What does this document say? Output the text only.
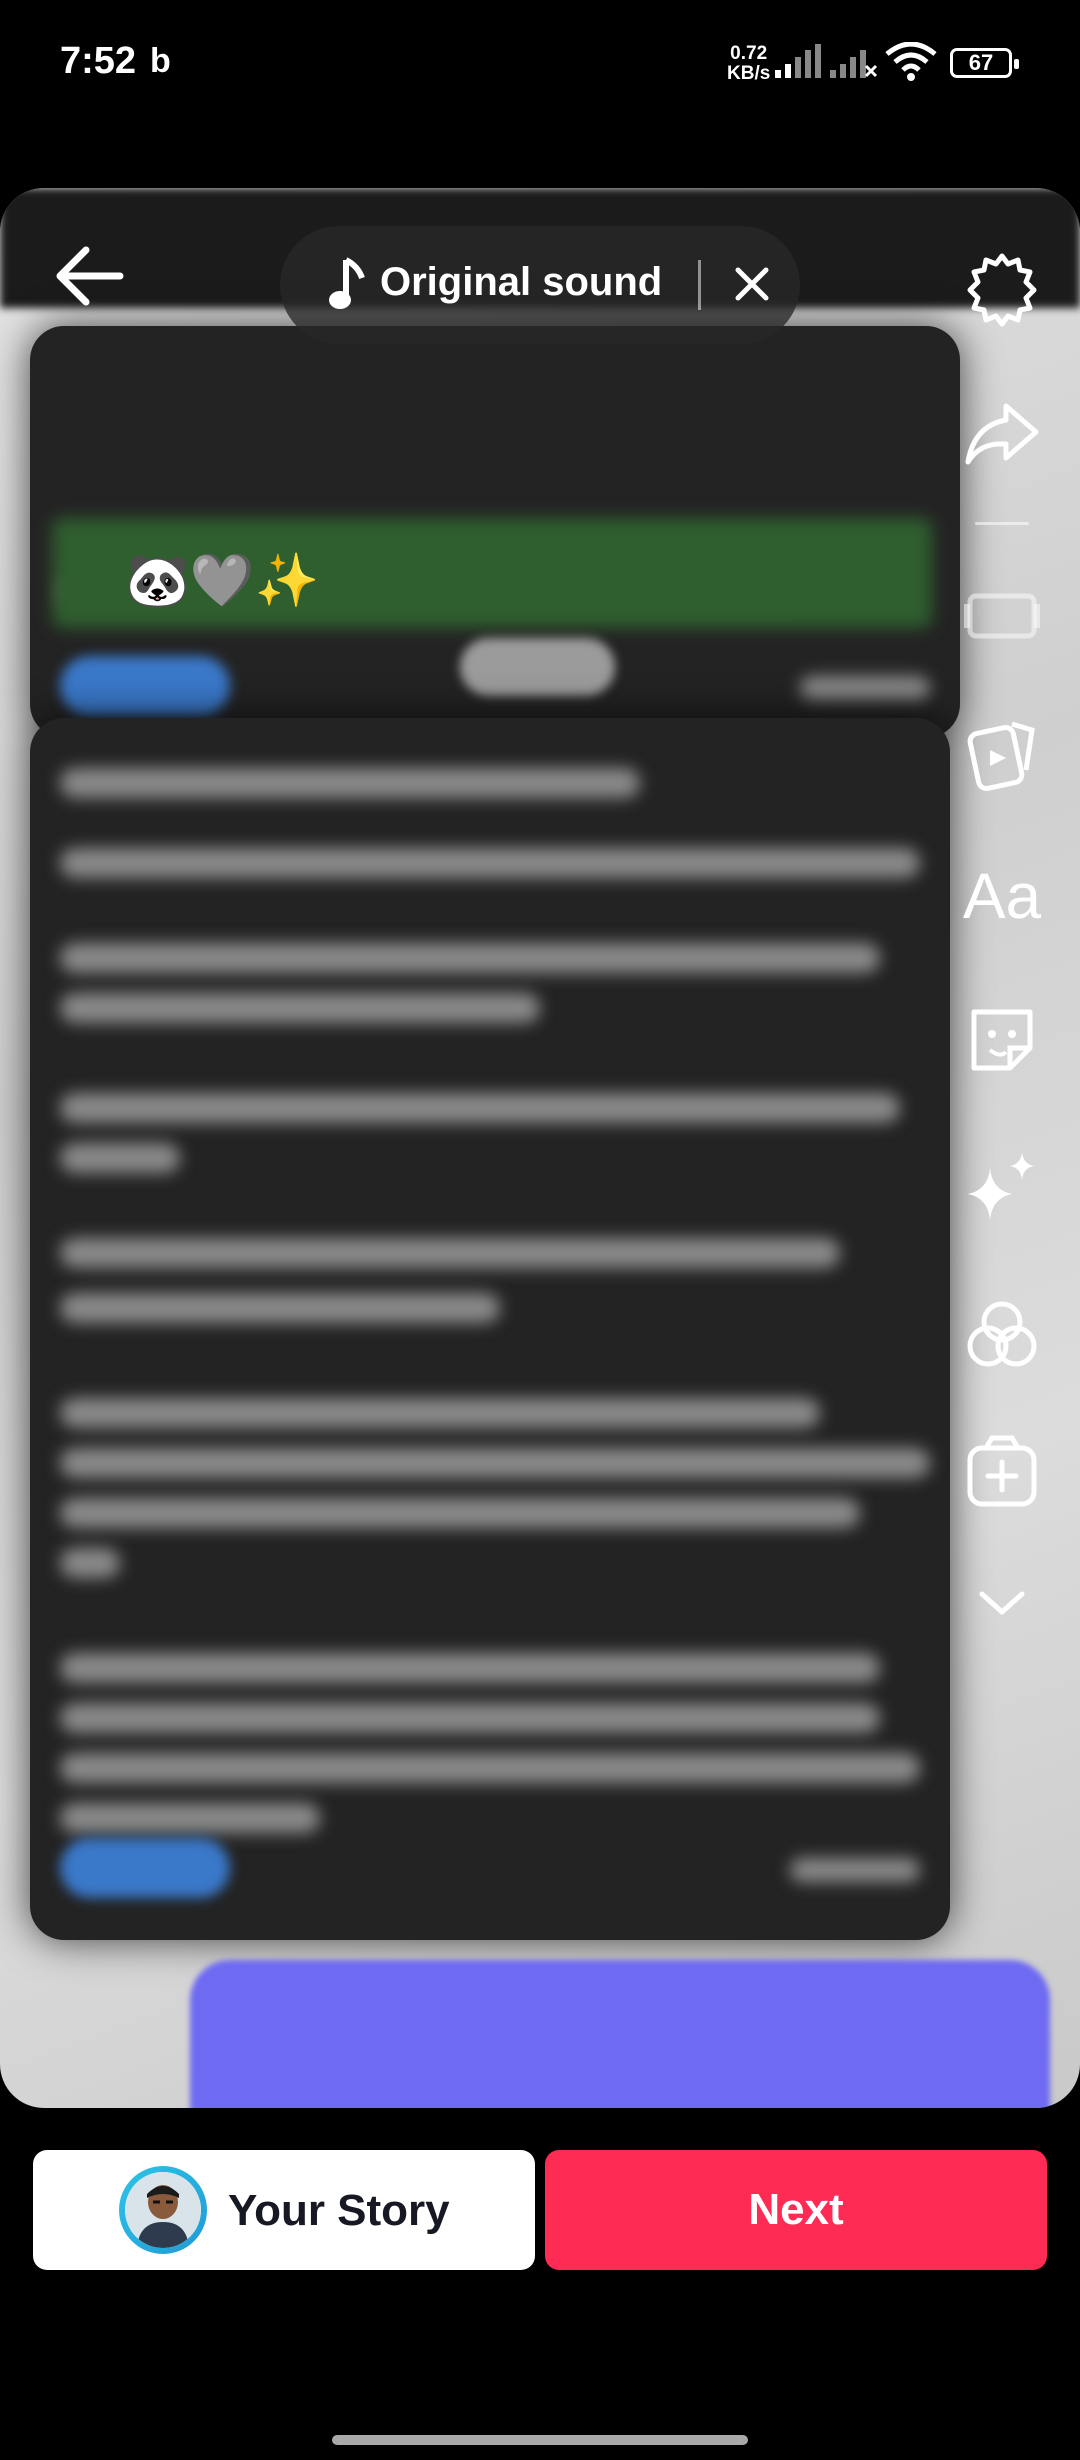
7:52 b	0.72
KB/s	67
🐼🩶✨
Original sound
Aa
Your Story	Next
